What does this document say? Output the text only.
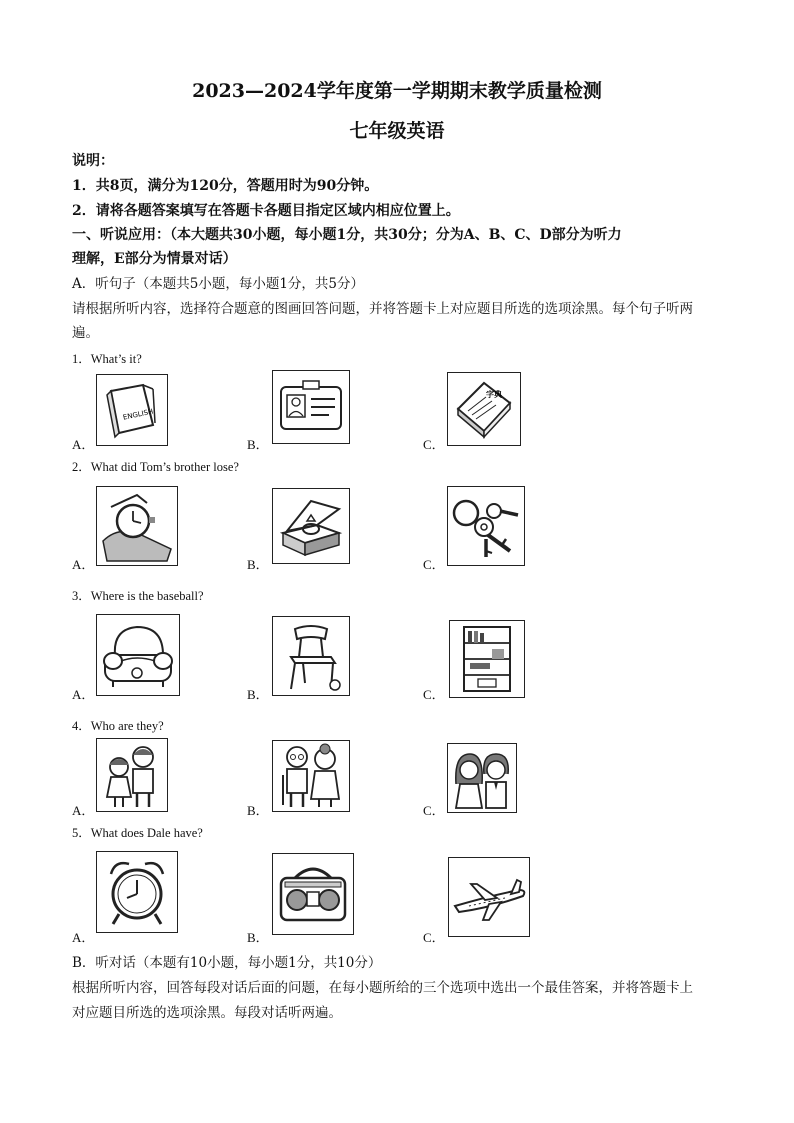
2023—2024学年度第一学期期末教学质量检测
七年级英语
说明：
1．共8页，满分为120分，答题用时为90分钟。
2．请将各题答案填写在答题卡各题目指定区域内相应位置上。
一、听说应用：（本大题共30小题，每小题1分，共30分；分为A、B、C、D部分为听力
理解，E部分为情景对话）
A．听句子（本题共5小题，每小题1分，共5分）
请根据所听内容，选择符合题意的图画回答问题，并将答题卡上对应题目所选的选项涂黑。每个句子听两
遍。
1．What’s it?
A．	B．	C．
ENGLISH
字典
2．What did Tom’s brother lose?
A．	B．	C．
3．Where is the baseball?
A．	B．	C．
4．Who are they?
A．	B．	C．
5．What does Dale have?
A．	B．	C．
B．听对话（本题有10小题，每小题1分，共10分）
根据所听内容，回答每段对话后面的问题，在每小题所给的三个选项中选出一个最佳答案，并将答题卡上
对应题目所选的选项涂黑。每段对话听两遍。
